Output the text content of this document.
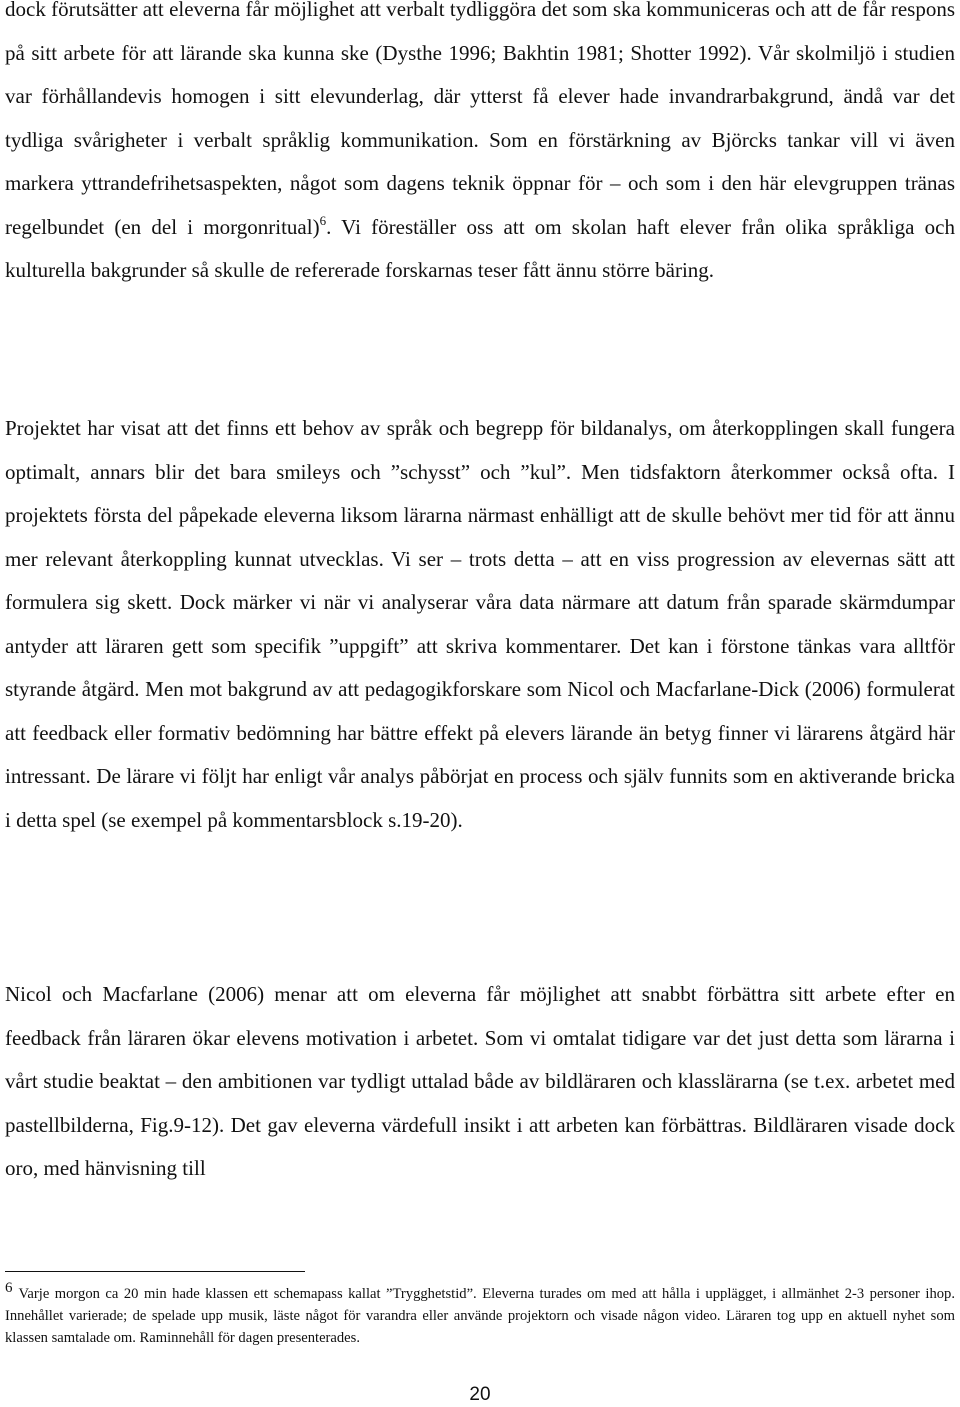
dock förutsätter att eleverna får möjlighet att verbalt tydliggöra det som ska kommuniceras och att de får respons på sitt arbete för att lärande ska kunna ske (Dysthe 1996; Bakhtin 1981; Shotter 1992). Vår skolmiljö i studien var förhållandevis homogen i sitt elevunderlag, där ytterst få elever hade invandrarbakgrund, ändå var det tydliga svårigheter i verbalt språklig kommunikation. Som en förstärkning av Björcks tankar vill vi även markera yttrandefrihetsaspekten, något som dagens teknik öppnar för – och som i den här elevgruppen tränas regelbundet (en del i morgonritual)$^6$. Vi föreställer oss att om skolan haft elever från olika språkliga och kulturella bakgrunder så skulle de refererade forskarnas teser fått ännu större bäring.

Projektet har visat att det finns ett behov av språk och begrepp för bildanalys, om återkopplingen skall fungera optimalt, annars blir det bara smileys och ”schysst” och ”kul”. Men tidsfaktorn återkommer också ofta. I projektets första del påpekade eleverna liksom lärarna närmast enhälligt att de skulle behövt mer tid för att ännu mer relevant återkoppling kunnat utvecklas. Vi ser – trots detta – att en viss progression av elevernas sätt att formulera sig skett. Dock märker vi när vi analyserar våra data närmare att datum från sparade skärmdumpar antyder att läraren gett som specifik ”uppgift” att skriva kommentarer. Det kan i förstone tänkas vara alltför styrande åtgärd. Men mot bakgrund av att pedagogikforskare som Nicol och Macfarlane-Dick (2006) formulerat att feedback eller formativ bedömning har bättre effekt på elevers lärande än betyg finner vi lärarens åtgärd här intressant. De lärare vi följt har enligt vår analys påbörjat en process och själv funnits som en aktiverande bricka i detta spel (se exempel på kommentarsblock s.19-20).

Nicol och Macfarlane (2006) menar att om eleverna får möjlighet att snabbt förbättra sitt arbete efter en feedback från läraren ökar elevens motivation i arbetet. Som vi omtalat tidigare var det just detta som lärarna i vårt studie beaktat – den ambitionen var tydligt uttalad både av bildläraren och klasslärarna (se t.ex. arbetet med pastellbilderna, Fig.9-12). Det gav eleverna värdefull insikt i att arbeten kan förbättras. Bildläraren visade dock oro, med hänvisning till

6 Varje morgon ca 20 min hade klassen ett schemapass kallat ”Trygghetstid”. Eleverna turades om med att hålla i upplägget, i allmänhet 2-3 personer ihop. Innehållet varierade; de spelade upp musik, läste något för varandra eller använde projektorn och visade någon video. Läraren tog upp en aktuell nyhet som klassen samtalade om. Raminnehåll för dagen presenterades.

20
